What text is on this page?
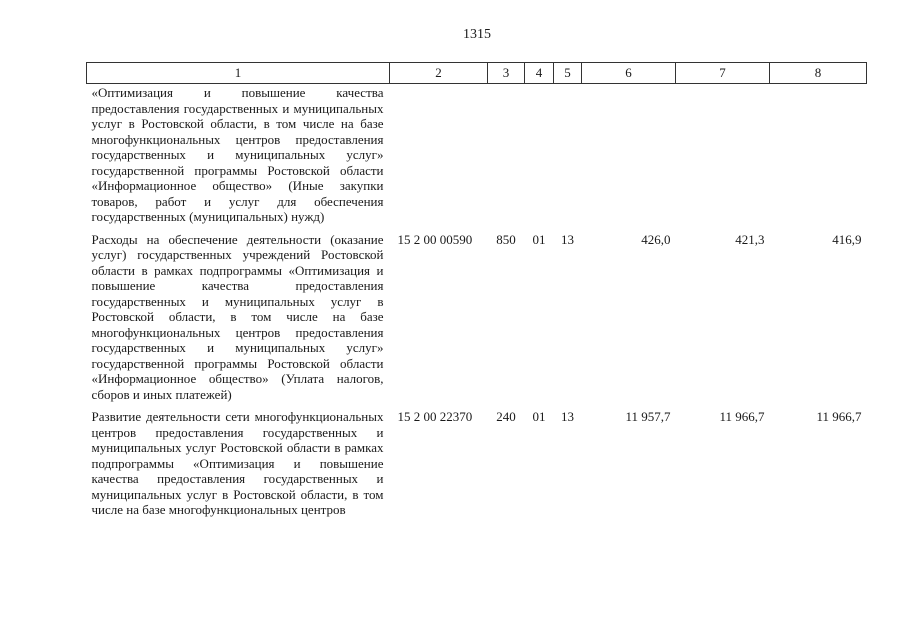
1315
1	2	3	4	5	6	7	8
«Оптимизация и повышение качества предоставления государственных и муниципальных услуг в Ростовской области, в том числе на базе многофункциональных центров предоставления государственных и муниципальных услуг» государственной программы Ростовской области «Информационное общество» (Иные закупки товаров, работ и услуг для обеспечения государственных (муниципальных) нужд)							
Расходы на обеспечение деятельности (оказание услуг) государственных учреждений Ростовской области в рамках подпрограммы «Оптимизация и повышение качества предоставления государственных и муниципальных услуг в Ростовской области, в том числе на базе многофункциональных центров предоставления государственных и муниципальных услуг» государственной программы Ростовской области «Информационное общество» (Уплата налогов, сборов и иных платежей)	15 2 00 00590	850	01	13	426,0	421,3	416,9
Развитие деятельности сети многофункциональных центров предоставления государственных и муниципальных услуг Ростовской области в рамках подпрограммы «Оптимизация и повышение качества предоставления государственных и муниципальных услуг в Ростовской области, в том числе на базе многофункциональных центров	15 2 00 22370	240	01	13	11 957,7	11 966,7	11 966,7
